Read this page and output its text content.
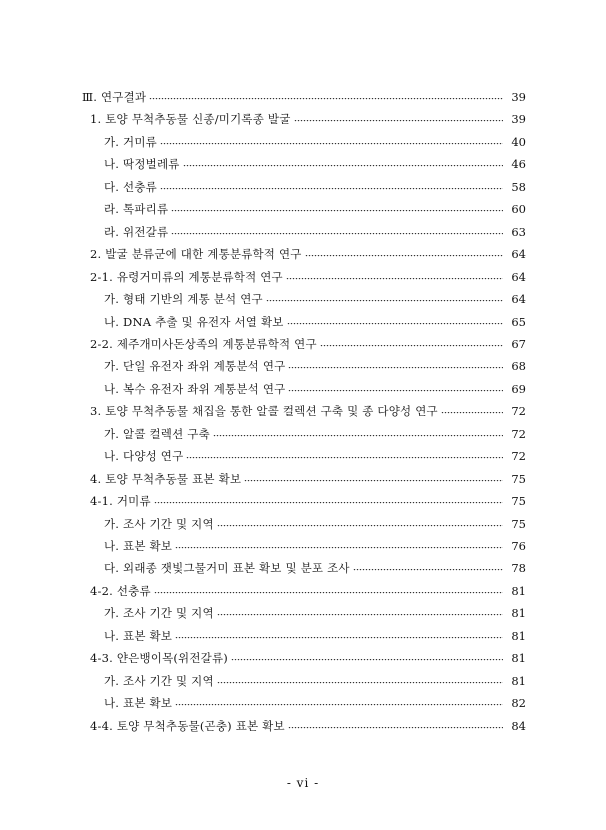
Ⅲ. 연구결과	39
1. 토양 무척추동물 신종/미기록종 발굴	39
가. 거미류	40
나. 딱정벌레류	46
다. 선충류	58
라. 톡파리류	60
라. 위전갈류	63
2. 발굴 분류군에 대한 계통분류학적 연구	64
2-1. 유령거미류의 계통분류학적 연구	64
가. 형태 기반의 계통 분석 연구	64
나. DNA 추출 및 유전자 서열 확보	65
2-2. 제주개미사돈상족의 계통분류학적 연구	67
가. 단일 유전자 좌위 계통분석 연구	68
나. 복수 유전자 좌위 계통분석 연구	69
3. 토양 무척추동물 채집을 통한 알콜 컬렉션 구축 및 종 다양성 연구	72
가. 알콜 컬렉션 구축	72
나. 다양성 연구	72
4. 토양 무척추동물 표본 확보	75
4-1. 거미류	75
가. 조사 기간 및 지역	75
나. 표본 확보	76
다. 외래종 잿빛그물거미 표본 확보 및 분포 조사	78
4-2. 선충류	81
가. 조사 기간 및 지역	81
나. 표본 확보	81
4-3. 얀은뱅이목(위전갈류)	81
가. 조사 기간 및 지역	81
나. 표본 확보	82
4-4. 토양 무척추동물(곤충) 표본 확보	84
- vi -
